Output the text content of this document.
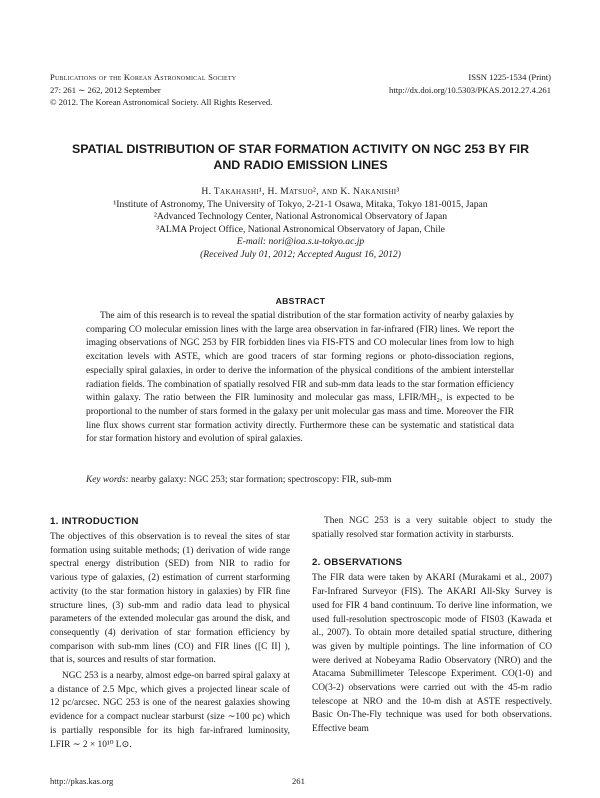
Publications of the Korean Astronomical Society
27: 261 ∼ 262, 2012 September
© 2012. The Korean Astronomical Society. All Rights Reserved.
ISSN 1225-1534 (Print)
http://dx.doi.org/10.5303/PKAS.2012.27.4.261
SPATIAL DISTRIBUTION OF STAR FORMATION ACTIVITY ON NGC 253 BY FIR
AND RADIO EMISSION LINES
H. Takahashi¹, H. Matsuo², and K. Nakanishi³
¹Institute of Astronomy, The University of Tokyo, 2-21-1 Osawa, Mitaka, Tokyo 181-0015, Japan
²Advanced Technology Center, National Astronomical Observatory of Japan
³ALMA Project Office, National Astronomical Observatory of Japan, Chile
E-mail: nori@ioa.s.u-tokyo.ac.jp
(Received July 01, 2012; Accepted August 16, 2012)
ABSTRACT
The aim of this research is to reveal the spatial distribution of the star formation activity of nearby galaxies by comparing CO molecular emission lines with the large area observation in far-infrared (FIR) lines. We report the imaging observations of NGC 253 by FIR forbidden lines via FIS-FTS and CO molecular lines from low to high excitation levels with ASTE, which are good tracers of star forming regions or photo-dissociation regions, especially spiral galaxies, in order to derive the information of the physical conditions of the ambient interstellar radiation fields. The combination of spatially resolved FIR and sub-mm data leads to the star formation efficiency within galaxy. The ratio between the FIR luminosity and molecular gas mass, LFIR/MH₂, is expected to be proportional to the number of stars formed in the galaxy per unit molecular gas mass and time. Moreover the FIR line flux shows current star formation activity directly. Furthermore these can be systematic and statistical data for star formation history and evolution of spiral galaxies.
Key words: nearby galaxy: NGC 253; star formation; spectroscopy: FIR, sub-mm
1. INTRODUCTION

The objectives of this observation is to reveal the sites of star formation using suitable methods; (1) derivation of wide range spectral energy distribution (SED) from NIR to radio for various type of galaxies, (2) estimation of current starforming activity (to the star formation history in galaxies) by FIR fine structure lines, (3) sub-mm and radio data lead to physical parameters of the extended molecular gas around the disk, and consequently (4) derivation of star formation efficiency by comparison with sub-mm lines (CO) and FIR lines ([C II] ), that is, sources and results of star formation.

NGC 253 is a nearby, almost edge-on barred spiral galaxy at a distance of 2.5 Mpc, which gives a projected linear scale of 12 pc/arcsec. NGC 253 is one of the nearest galaxies showing evidence for a compact nuclear starburst (size ∼100 pc) which is partially responsible for its high far-infrared luminosity, LFIR ∼ 2 × 10¹⁰ L⊙.

Then NGC 253 is a very suitable object to study the spatially resolved star formation activity in starbursts.

2. OBSERVATIONS

The FIR data were taken by AKARI (Murakami et al., 2007) Far-Infrared Surveyor (FIS). The AKARI All-Sky Survey is used for FIR 4 band continuum. To derive line information, we used full-resolution spectroscopic mode of FIS03 (Kawada et al., 2007). To obtain more detailed spatial structure, dithering was given by multiple pointings. The line information of CO were derived at Nobeyama Radio Observatory (NRO) and the Atacama Submillimeter Telescope Experiment. CO(1-0) and CO(3-2) observations were carried out with the 45-m radio telescope at NRO and the 10-m dish at ASTE respectively. Basic On-The-Fly technique was used for both observations. Effective beam

http://pkas.kas.org	261
